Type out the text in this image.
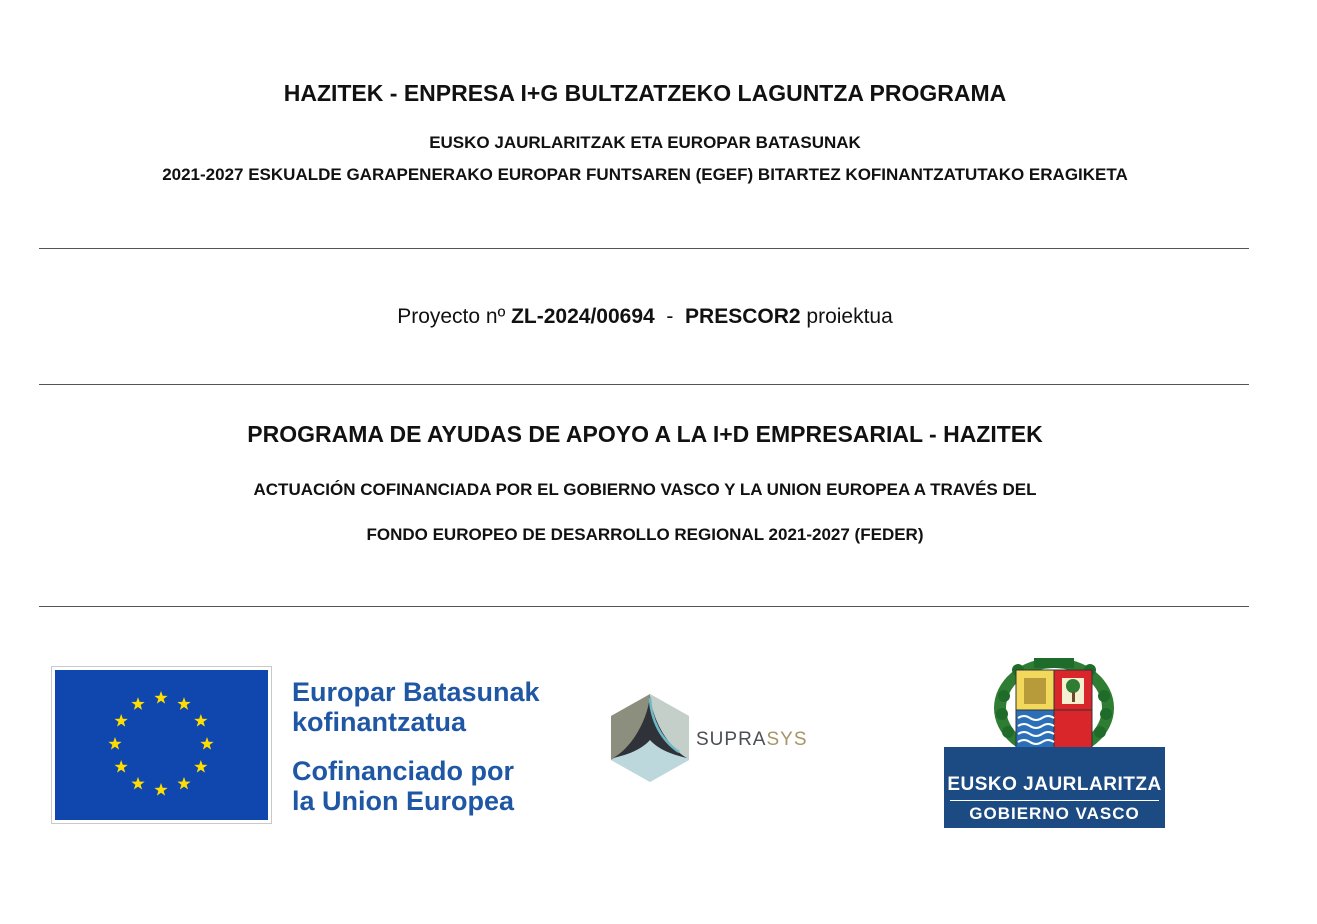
HAZITEK - ENPRESA I+G BULTZATZEKO LAGUNTZA PROGRAMA
EUSKO JAURLARITZAK ETA EUROPAR BATASUNAK
2021-2027 ESKUALDE GARAPENERAKO EUROPAR FUNTSAREN (EGEF) BITARTEZ KOFINANTZATUTAKO ERAGIKETA
Proyecto nº ZL-2024/00694  -  PRESCOR2 proiektua
PROGRAMA DE AYUDAS DE APOYO A LA I+D EMPRESARIAL - HAZITEK
ACTUACIÓN COFINANCIADA POR EL GOBIERNO VASCO Y LA UNION EUROPEA A TRAVÉS DEL
FONDO EUROPEO DE DESARROLLO REGIONAL 2021-2027 (FEDER)
Europar Batasunak
kofinantzatua
Cofinanciado por
la Union Europea
SUPRASYS
EUSKO JAURLARITZA
GOBIERNO VASCO
